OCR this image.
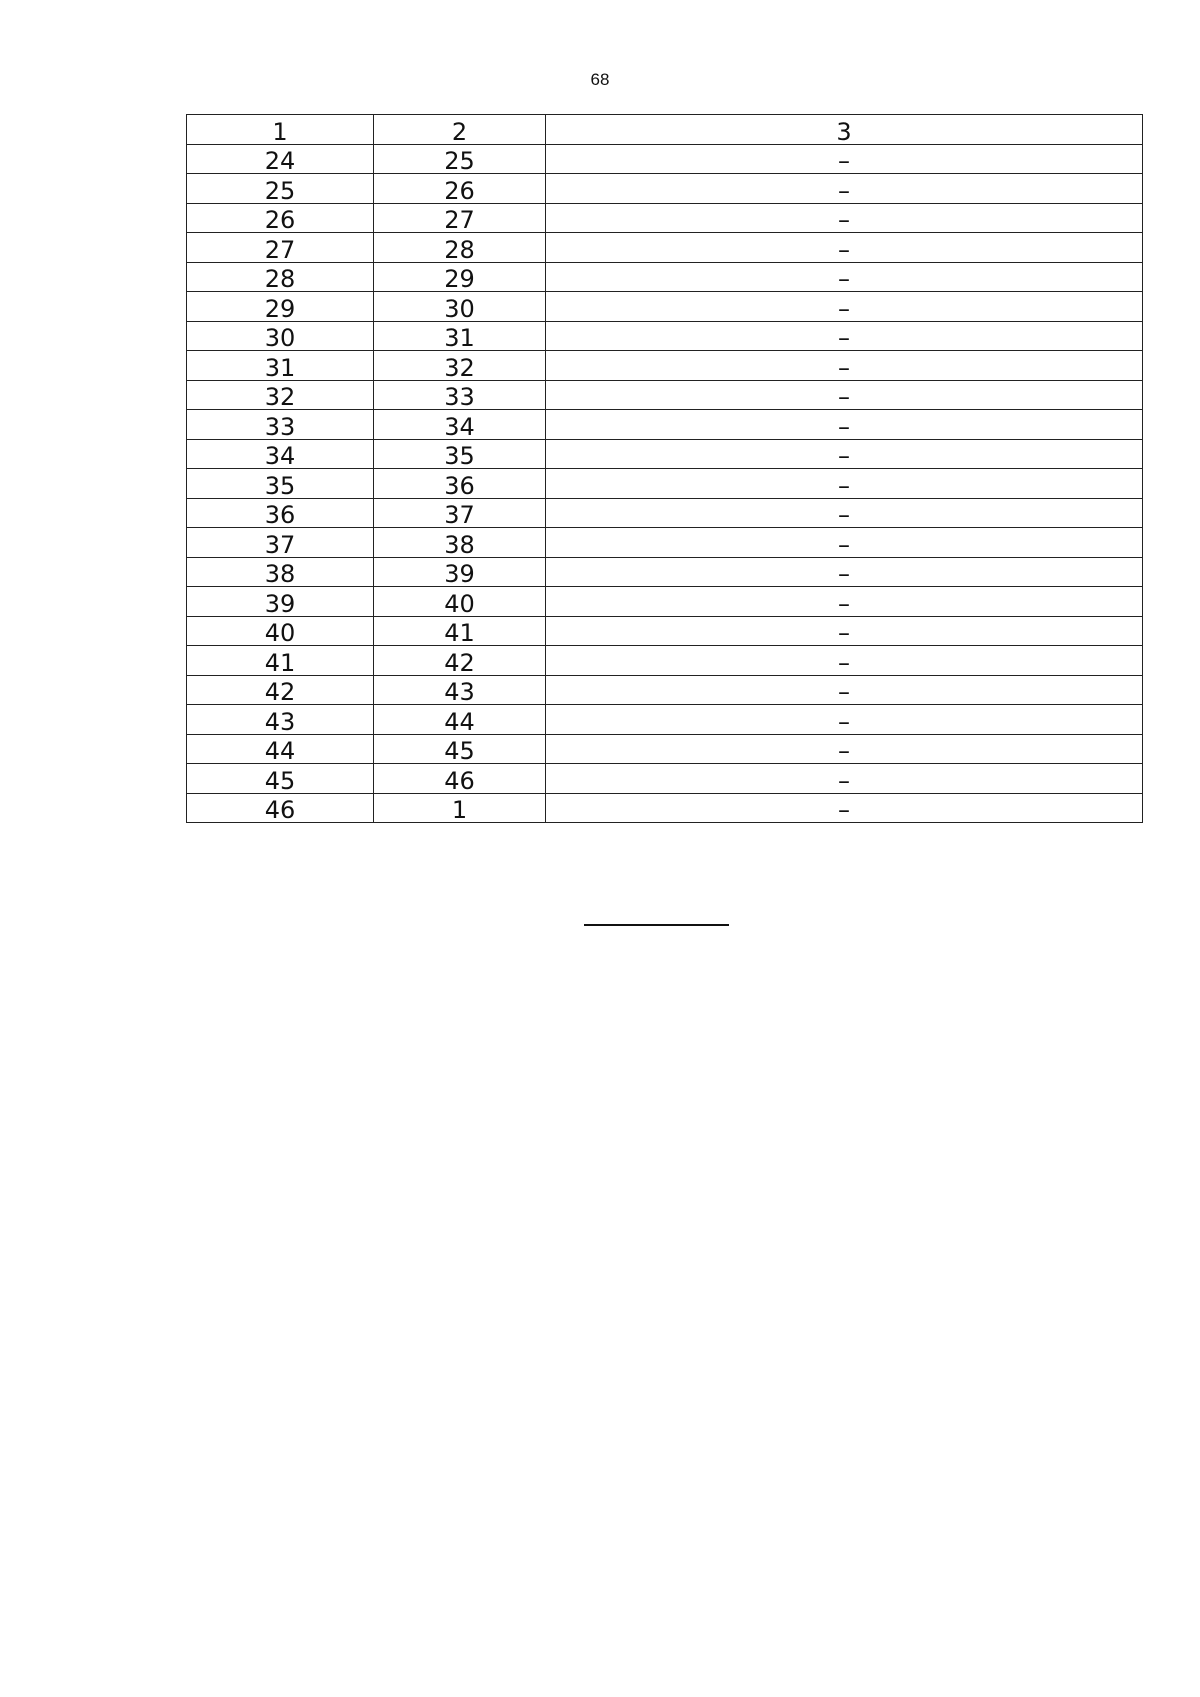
68
1	2	3
24	25	–
25	26	–
26	27	–
27	28	–
28	29	–
29	30	–
30	31	–
31	32	–
32	33	–
33	34	–
34	35	–
35	36	–
36	37	–
37	38	–
38	39	–
39	40	–
40	41	–
41	42	–
42	43	–
43	44	–
44	45	–
45	46	–
46	1	–
